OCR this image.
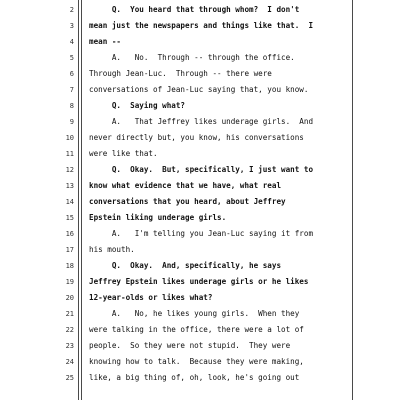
2 Q.  You heard that through whom?  I don't
3 mean just the newspapers and things like that.  I
4 mean --
5 A.   No.  Through -- through the office.
6 Through Jean-Luc.  Through -- there were
7 conversations of Jean-Luc saying that, you know.
8 Q.  Saying what?
9 A.   That Jeffrey likes underage girls.  And
10 never directly but, you know, his conversations
11 were like that.
12 Q.  Okay.  But, specifically, I just want to
13 know what evidence that we have, what real
14 conversations that you heard, about Jeffrey
15 Epstein liking underage girls.
16 A.   I'm telling you Jean-Luc saying it from
17 his mouth.
18 Q.  Okay.  And, specifically, he says
19 Jeffrey Epstein likes underage girls or he likes
20 12-year-olds or likes what?
21 A.   No, he likes young girls.  When they
22 were talking in the office, there were a lot of
23 people.  So they were not stupid.  They were
24 knowing how to talk.  Because they were making,
25 like, a big thing of, oh, look, he's going out
